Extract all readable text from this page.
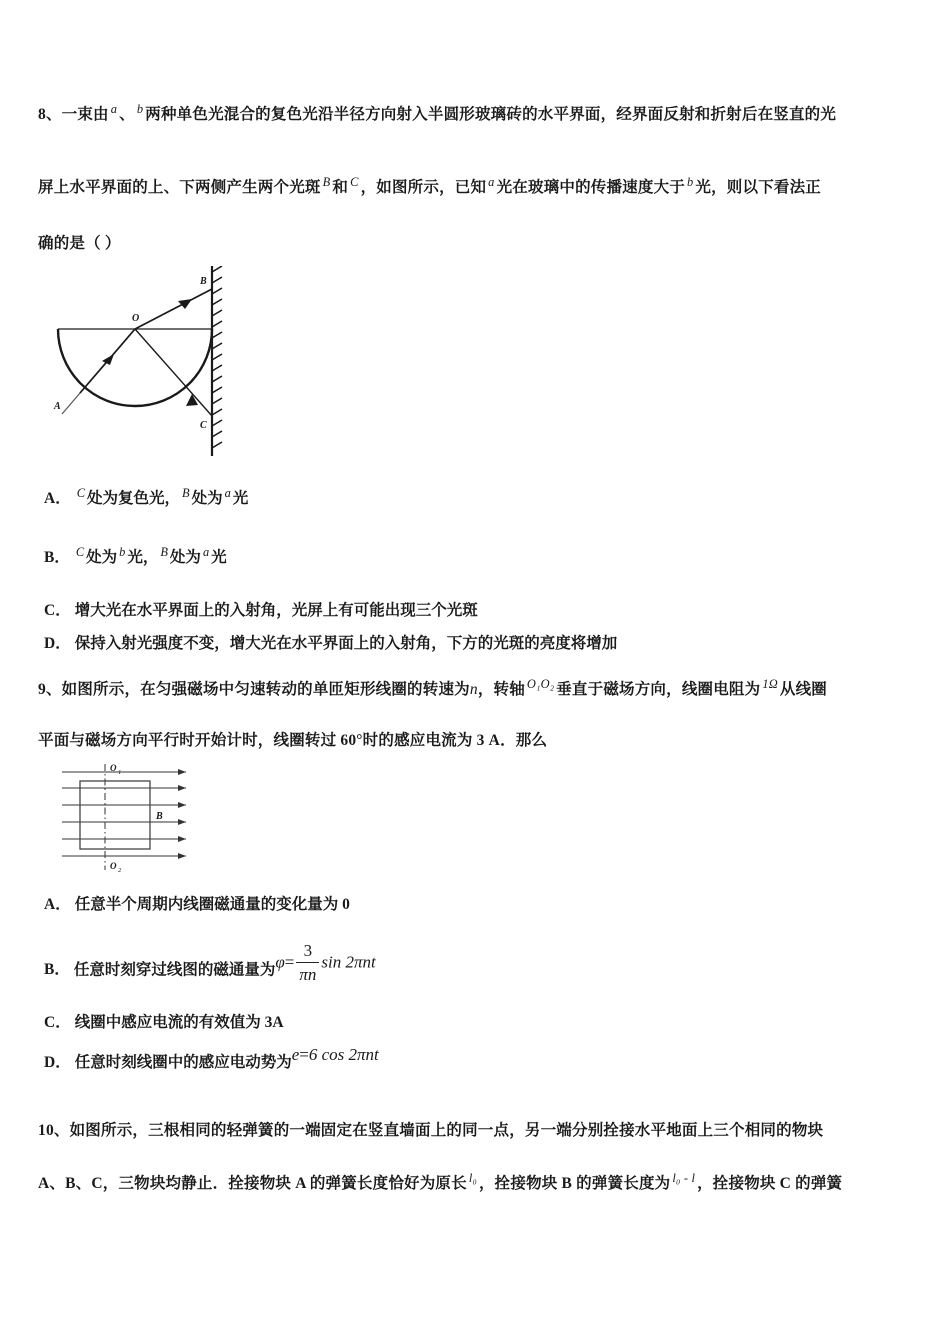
8、一束由 $^a$ 、 $^b$ 两种单色光混合的复色光沿半径方向射入半圆形玻璃砖的水平界面，经界面反射和折射后在竖直的光
屏上水平界面的上、下两侧产生两个光斑 $^B$ 和 $^C$ ，如图所示，已知 $^a$ 光在玻璃中的传播速度大于 $^b$ 光，则以下看法正
确的是（ ）
A
O
B
C
A． $^C$ 处为复色光， $^B$ 处为 $^a$ 光
B． $^C$ 处为 $^b$ 光， $^B$ 处为 $^a$ 光
C． 增大光在水平界面上的入射角，光屏上有可能出现三个光斑
D． 保持入射光强度不变，增大光在水平界面上的入射角，下方的光斑的亮度将增加
9、如图所示，在匀强磁场中匀速转动的单匝矩形线圈的转速为n，转轴 $^{O_1O_2}$ 垂直于磁场方向，线圈电阻为 $^{1\Omega}$ 从线圈
平面与磁场方向平行时开始计时，线圈转过 60°时的感应电流为 3 A．那么
O 1
O 2
B
A． 任意半个周期内线圈磁通量的变化量为 0
B． 任意时刻穿过线图的磁通量为$\varphi= \frac{3}{\pi n}$ sin 2πnt
C． 线圈中感应电流的有效值为 3A
D． 任意时刻线圈中的感应电动势为e=6 cos 2πnt
10、如图所示，三根相同的轻弹簧的一端固定在竖直墙面上的同一点，另一端分别拴接水平地面上三个相同的物块
A、B、C，三物块均静止．拴接物块 A 的弹簧长度恰好为原长 $^{l_0}$ ，拴接物块 B 的弹簧长度为 $^{l_0 - l}$ ，拴接物块 C 的弹簧
